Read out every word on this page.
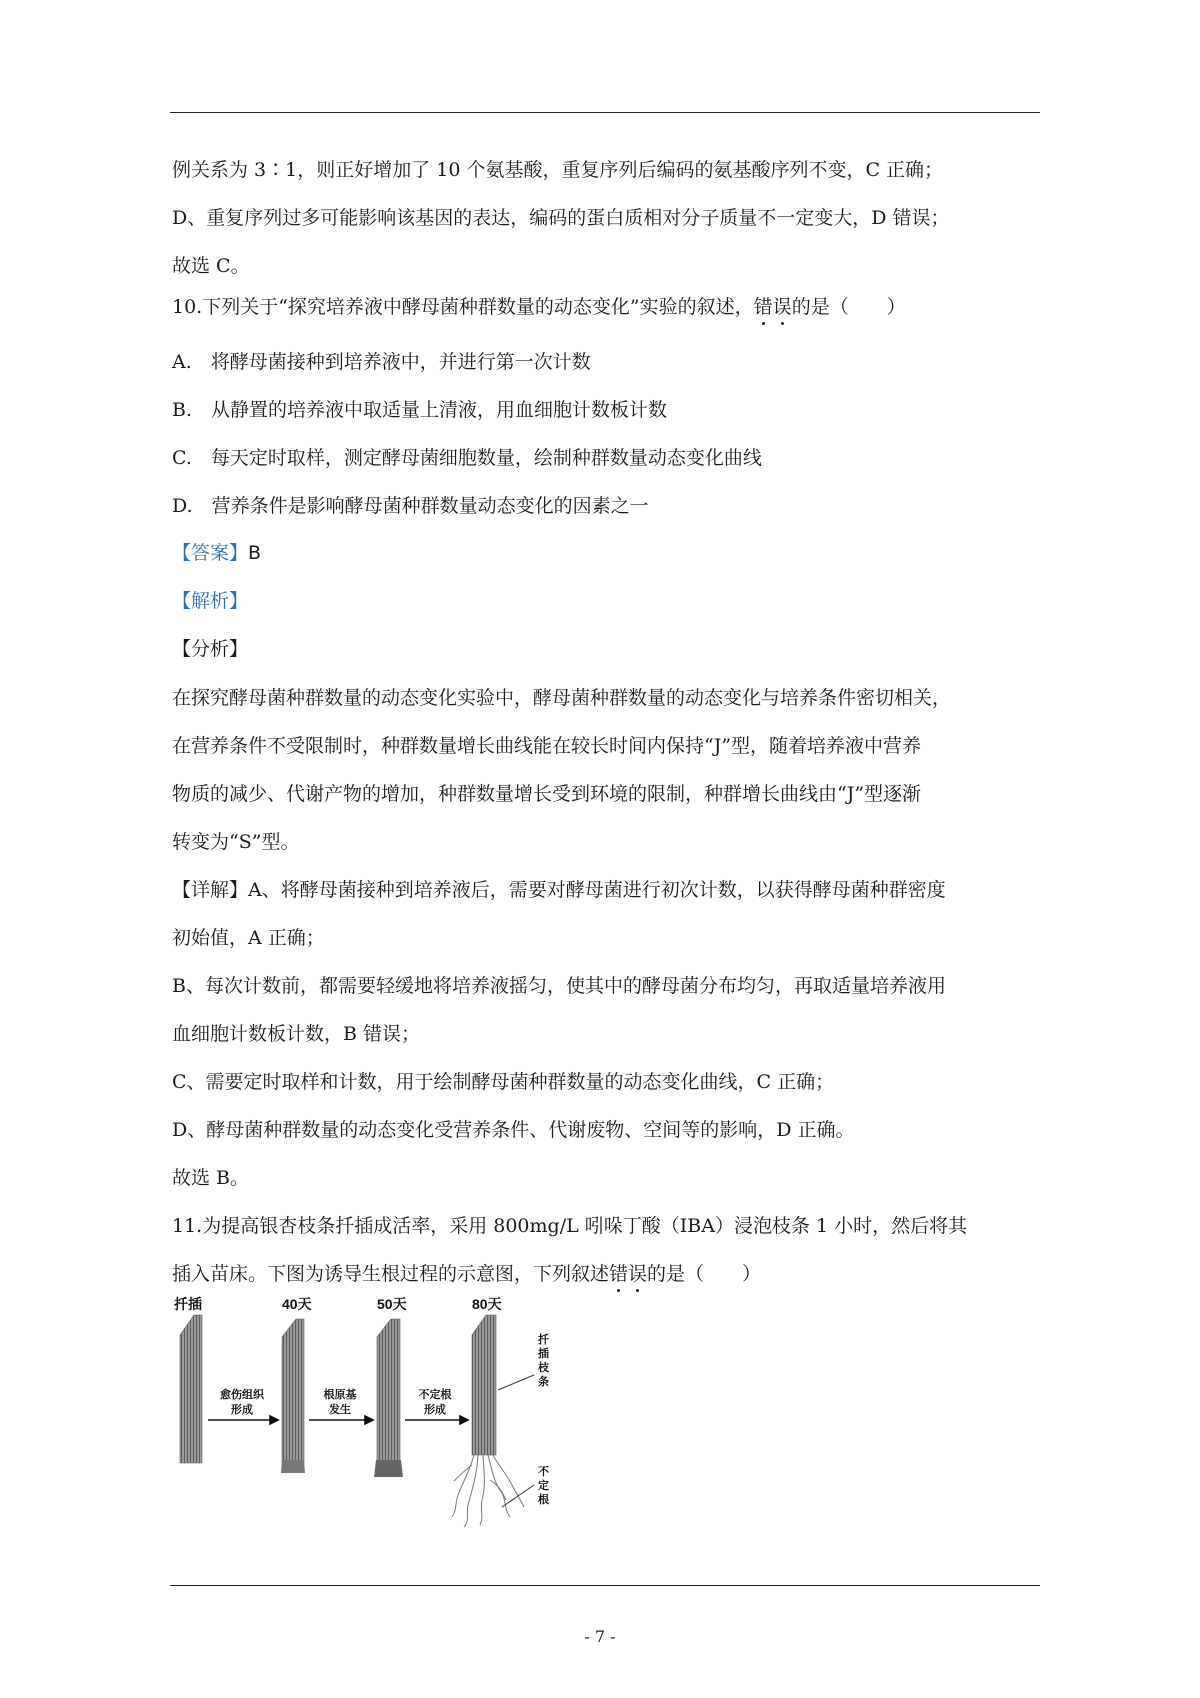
例关系为 3∶1，则正好增加了 10 个氨基酸，重复序列后编码的氨基酸序列不变，C 正确；
D、重复序列过多可能影响该基因的表达，编码的蛋白质相对分子质量不一定变大，D 错误；
故选 C。
10.下列关于“探究培养液中酵母菌种群数量的动态变化”实验的叙述，错误的是（　　）
A.　将酵母菌接种到培养液中，并进行第一次计数
B.　从静置的培养液中取适量上清液，用血细胞计数板计数
C.　每天定时取样，测定酵母菌细胞数量，绘制种群数量动态变化曲线
D.　营养条件是影响酵母菌种群数量动态变化的因素之一
【答案】B
【解析】
【分析】
在探究酵母菌种群数量的动态变化实验中，酵母菌种群数量的动态变化与培养条件密切相关，
在营养条件不受限制时，种群数量增长曲线能在较长时间内保持“J”型，随着培养液中营养
物质的减少、代谢产物的增加，种群数量增长受到环境的限制，种群增长曲线由“J”型逐渐
转变为“S”型。
【详解】A、将酵母菌接种到培养液后，需要对酵母菌进行初次计数，以获得酵母菌种群密度
初始值，A 正确；
B、每次计数前，都需要轻缓地将培养液摇匀，使其中的酵母菌分布均匀，再取适量培养液用
血细胞计数板计数，B 错误；
C、需要定时取样和计数，用于绘制酵母菌种群数量的动态变化曲线，C 正确；
D、酵母菌种群数量的动态变化受营养条件、代谢废物、空间等的影响，D 正确。
故选 B。
11.为提高银杏枝条扦插成活率，采用 800mg/L 吲哚丁酸（IBA）浸泡枝条 1 小时，然后将其
插入苗床。下图为诱导生根过程的示意图，下列叙述错误的是（　　）
扦插	40天	50天	80天
愈伤组织
形成
根原基
发生
不定根
形成
扦
插
枝
条
不
定
根
- 7 -
